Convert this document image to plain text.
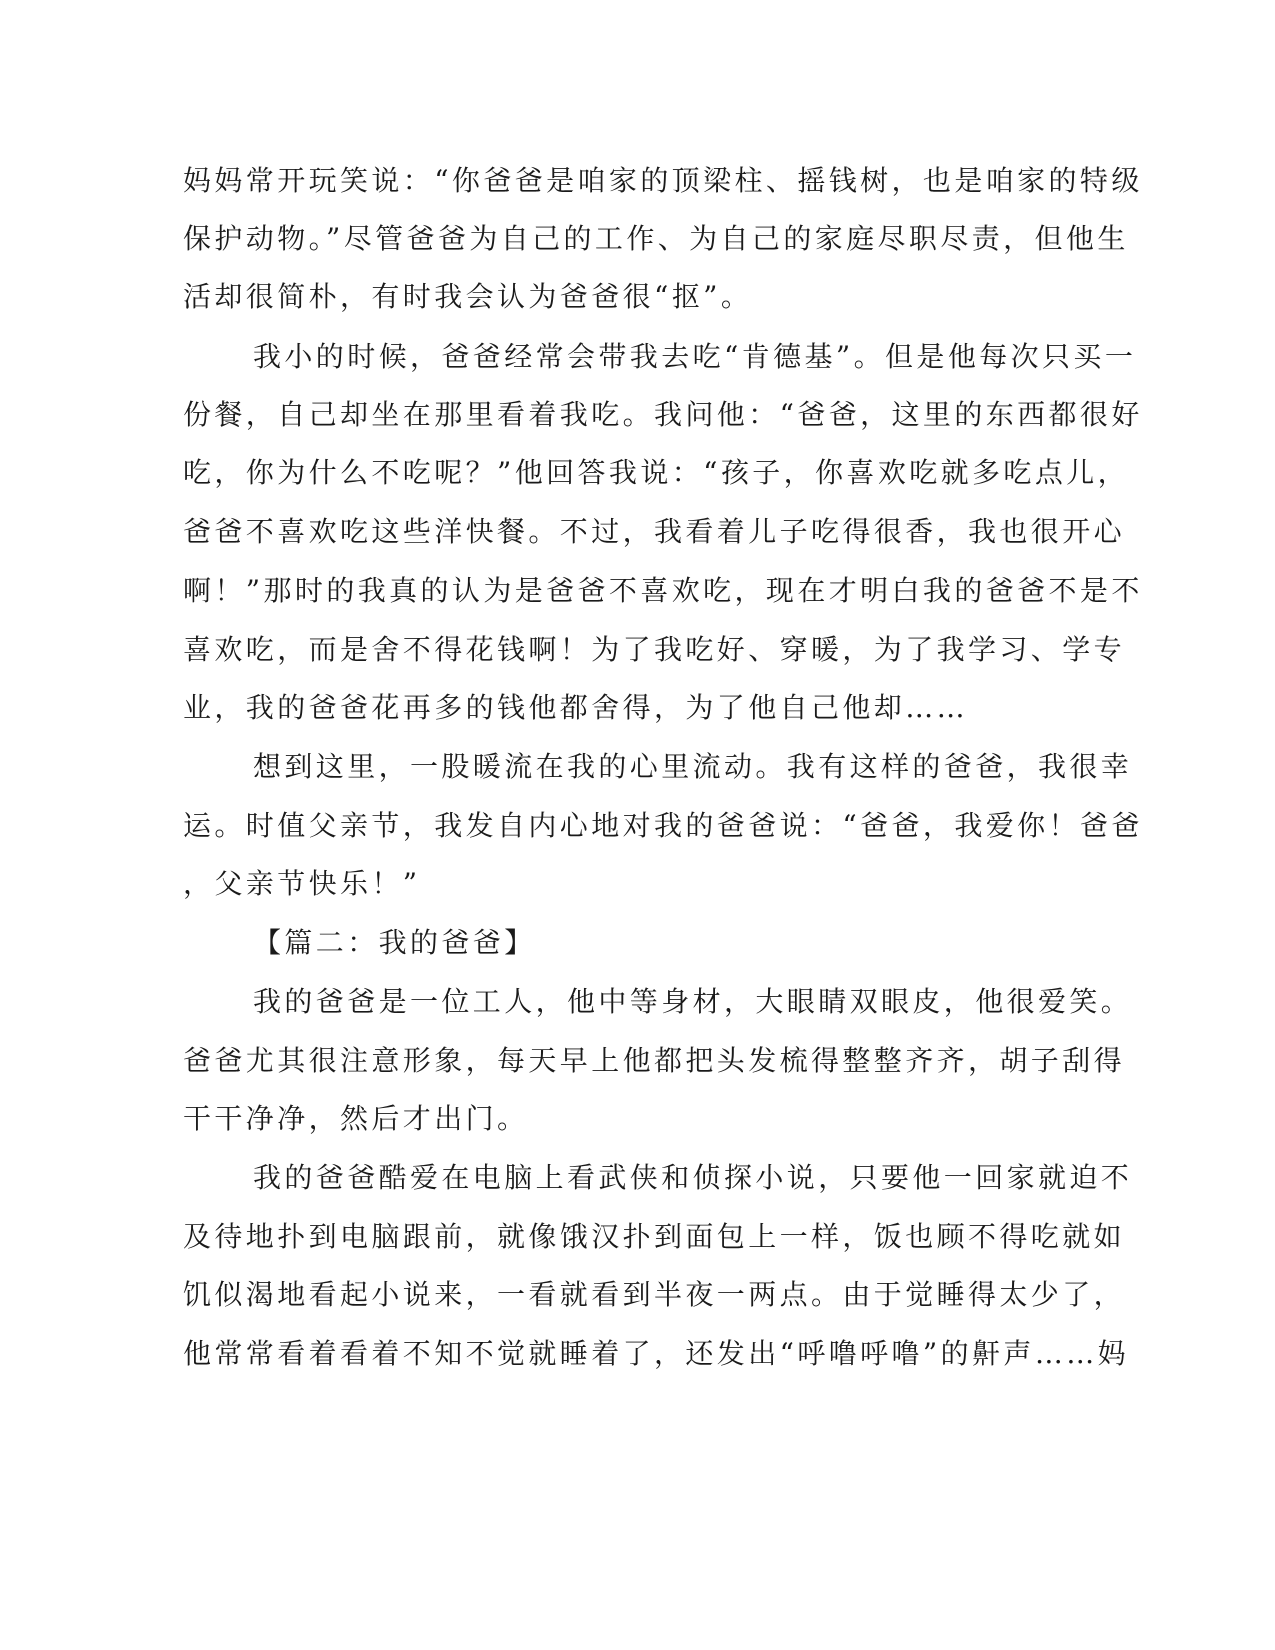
妈妈常开玩笑说：“你爸爸是咱家的顶梁柱、摇钱树，也是咱家的特级
保护动物。”尽管爸爸为自己的工作、为自己的家庭尽职尽责，但他生
活却很简朴，有时我会认为爸爸很“抠”。
我小的时候，爸爸经常会带我去吃“肯德基”。但是他每次只买一
份餐，自己却坐在那里看着我吃。我问他：“爸爸，这里的东西都很好
吃，你为什么不吃呢？”他回答我说：“孩子，你喜欢吃就多吃点儿，
爸爸不喜欢吃这些洋快餐。不过，我看着儿子吃得很香，我也很开心
啊！”那时的我真的认为是爸爸不喜欢吃，现在才明白我的爸爸不是不
喜欢吃，而是舍不得花钱啊！为了我吃好、穿暖，为了我学习、学专
业，我的爸爸花再多的钱他都舍得，为了他自己他却……
想到这里，一股暖流在我的心里流动。我有这样的爸爸，我很幸
运。时值父亲节，我发自内心地对我的爸爸说：“爸爸，我爱你！爸爸
，父亲节快乐！”
【篇二：我的爸爸】
我的爸爸是一位工人，他中等身材，大眼睛双眼皮，他很爱笑。
爸爸尤其很注意形象，每天早上他都把头发梳得整整齐齐，胡子刮得
干干净净，然后才出门。
我的爸爸酷爱在电脑上看武侠和侦探小说，只要他一回家就迫不
及待地扑到电脑跟前，就像饿汉扑到面包上一样，饭也顾不得吃就如
饥似渴地看起小说来，一看就看到半夜一两点。由于觉睡得太少了，
他常常看着看着不知不觉就睡着了，还发出“呼噜呼噜”的鼾声……妈
